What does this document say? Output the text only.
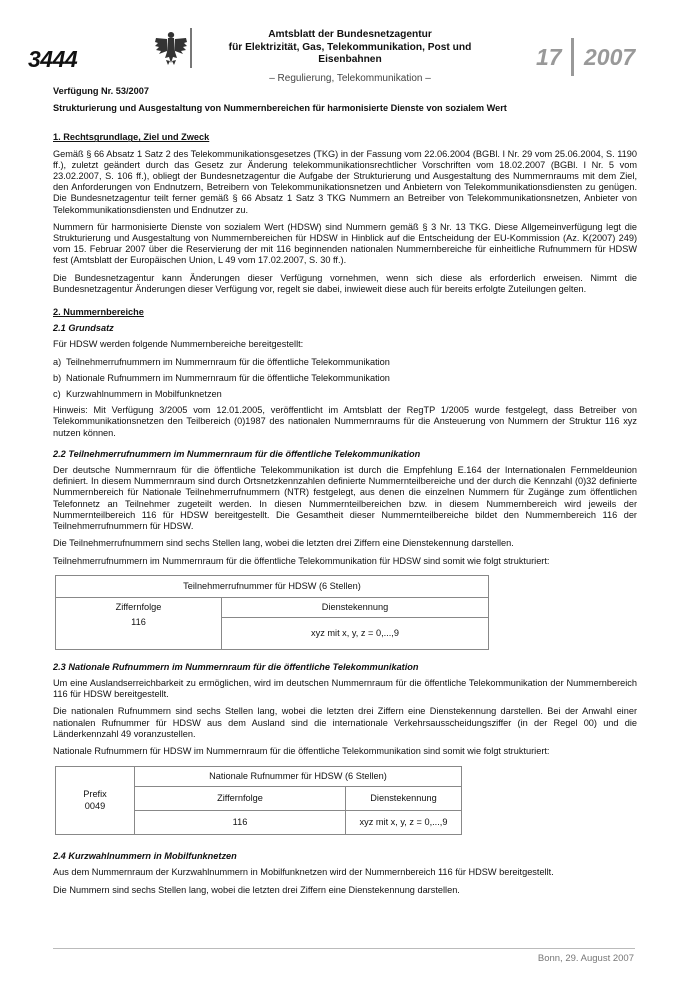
3444
Amtsblatt der Bundesnetzagentur
für Elektrizität, Gas, Telekommunikation, Post und Eisenbahnen
– Regulierung, Telekommunikation –
17 2007

Verfügung Nr. 53/2007

Strukturierung und Ausgestaltung von Nummernbereichen für harmonisierte Dienste von sozialem Wert

1. Rechtsgrundlage, Ziel und Zweck

Gemäß § 66 Absatz 1 Satz 2 des Telekommunikationsgesetzes (TKG) in der Fassung vom 22.06.2004 (BGBl. I Nr. 29 vom 25.06.2004, S. 1190 ff.), zuletzt geändert durch das Gesetz zur Änderung telekommunikationsrechtlicher Vorschriften vom 18.02.2007 (BGBl. I Nr. 5 vom 23.02.2007, S. 106 ff.), obliegt der Bundesnetzagentur die Aufgabe der Strukturierung und Ausgestaltung des Nummernraums mit dem Ziel, den Anforderungen von Endnutzern, Betreibern von Telekommunikationsnetzen und Anbietern von Telekommunikationsdiensten zu genügen. Die Bundesnetzagentur teilt ferner gemäß § 66 Absatz 1 Satz 3 TKG Nummern an Betreiber von Telekommunikationsnetzen, Anbieter von Telekommunikationsdiensten und Endnutzer zu.

Nummern für harmonisierte Dienste von sozialem Wert (HDSW) sind Nummern gemäß § 3 Nr. 13 TKG. Diese Allgemeinverfügung legt die Strukturierung und Ausgestaltung von Nummernbereichen für HDSW in Hinblick auf die Entscheidung der EU-Kommission (Az. K(2007) 249) vom 15. Februar 2007 über die Reservierung der mit 116 beginnenden nationalen Nummernbereiche für einheitliche Rufnummern für HDSW fest (Amtsblatt der Europäischen Union, L 49 vom 17.02.2007, S. 30 ff.).

Die Bundesnetzagentur kann Änderungen dieser Verfügung vornehmen, wenn sich diese als erforderlich erweisen. Nimmt die Bundesnetzagentur Änderungen dieser Verfügung vor, regelt sie dabei, inwieweit diese auch für bereits erfolgte Zuteilungen gelten.

2. Nummernbereiche

2.1 Grundsatz

Für HDSW werden folgende Nummernbereiche bereitgestellt:

a) Teilnehmerrufnummern im Nummernraum für die öffentliche Telekommunikation
b) Nationale Rufnummern im Nummernraum für die öffentliche Telekommunikation
c) Kurzwahlnummern in Mobilfunknetzen

Hinweis: Mit Verfügung 3/2005 vom 12.01.2005, veröffentlicht im Amtsblatt der RegTP 1/2005 wurde festgelegt, dass Betreiber von Telekommunikationsnetzen den Teilbereich (0)1987 des nationalen Nummernraums für die Ansteuerung von Nummern der Struktur 116 xyz nutzen können.

2.2 Teilnehmerrufnummern im Nummernraum für die öffentliche Telekommunikation

Der deutsche Nummernraum für die öffentliche Telekommunikation ist durch die Empfehlung E.164 der Internationalen Fernmeldeunion definiert. In diesem Nummernraum sind durch Ortsnetzkennzahlen definierte Nummernteilbereiche und der durch die Kennzahl (0)32 definierte Nummernbereich für Nationale Teilnehmerrufnummern (NTR) festgelegt, aus denen die einzelnen Nummern für Zugänge zum öffentlichen Telefonnetz an Teilnehmer zugeteilt werden. In diesen Nummernteilbereichen bzw. in diesem Nummernbereich wird jeweils der Nummernteilbereich 116 für HDSW bereitgestellt. Die Gesamtheit dieser Nummernteilbereiche bildet den Nummernbereich 116 der Teilnehmerrufnummern für HDSW.

Die Teilnehmerrufnummern sind sechs Stellen lang, wobei die letzten drei Ziffern eine Dienstekennung darstellen.

Teilnehmerrufnummern im Nummernraum für die öffentliche Telekommunikation für HDSW sind somit wie folgt strukturiert:

Teilnehmerrufnummer für HDSW (6 Stellen)	
Ziffernfolge	Dienstekennung
116	xyz mit x, y, z = 0,...,9

2.3 Nationale Rufnummern im Nummernraum für die öffentliche Telekommunikation

Um eine Auslandserreichbarkeit zu ermöglichen, wird im deutschen Nummernraum für die öffentliche Telekommunikation der Nummernbereich 116 für HDSW bereitgestellt.

Die nationalen Rufnummern sind sechs Stellen lang, wobei die letzten drei Ziffern eine Dienstekennung darstellen. Bei der Anwahl einer nationalen Rufnummer für HDSW aus dem Ausland sind die internationale Verkehrsausscheidungsziffer (in der Regel 00) und die Länderkennzahl 49 voranzustellen.

Nationale Rufnummern für HDSW im Nummernraum für die öffentliche Telekommunikation sind somit wie folgt strukturiert:

Prefix
0049	Nationale Rufnummer für HDSW (6 Stellen)	
	Ziffernfolge	Dienstekennung
	116	xyz mit x, y, z = 0,...,9

2.4 Kurzwahlnummern in Mobilfunknetzen

Aus dem Nummernraum der Kurzwahlnummern in Mobilfunknetzen wird der Nummernbereich 116 für HDSW bereitgestellt.

Die Nummern sind sechs Stellen lang, wobei die letzten drei Ziffern eine Dienstekennung darstellen.

Bonn, 29. August 2007
